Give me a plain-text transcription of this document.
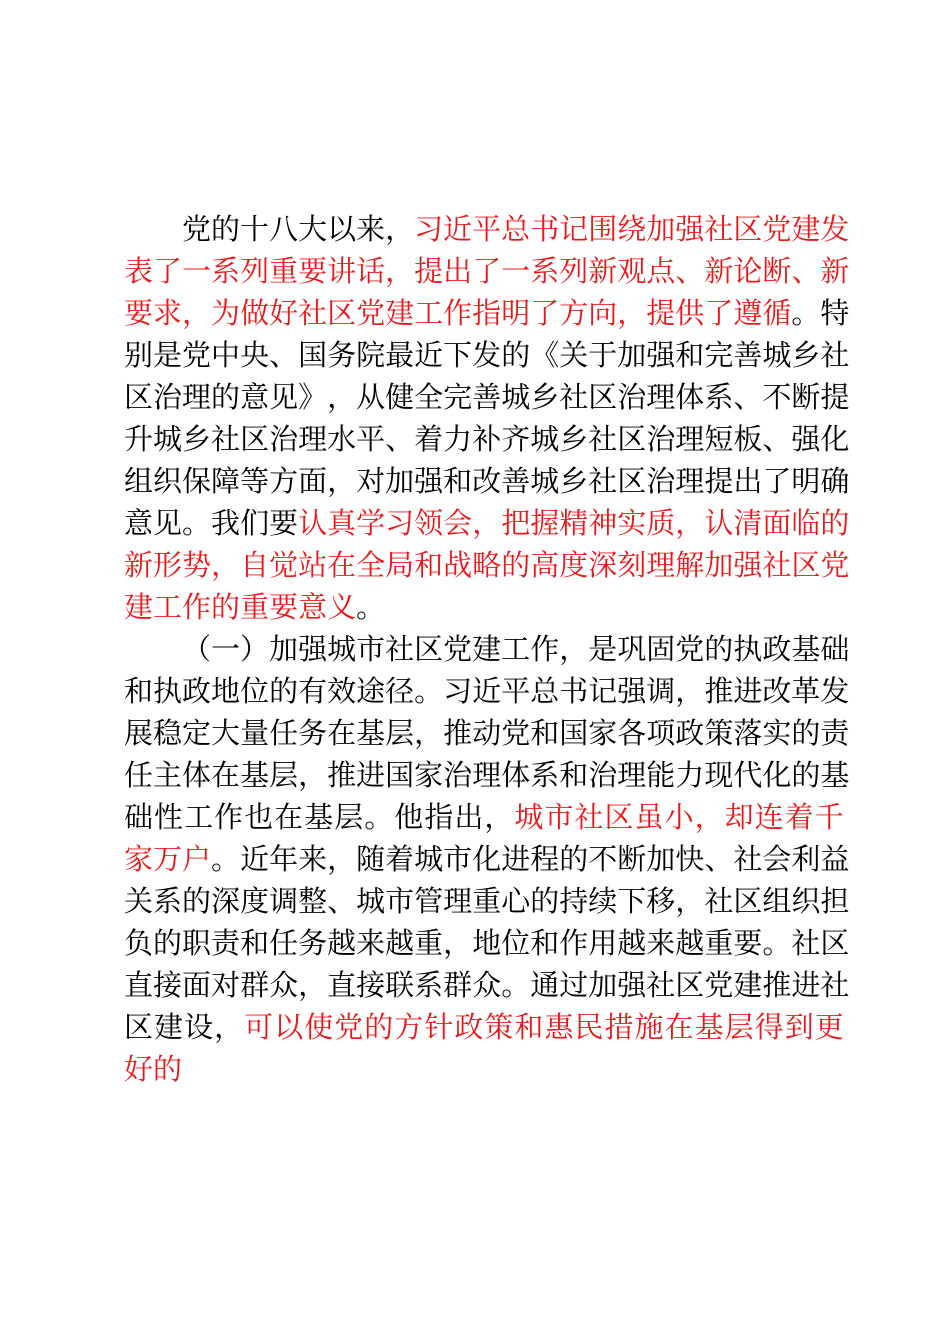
党 的 十 八 大 以 来 ， 习 近 平 总 书 记 围 绕 加 强 社 区 党 建 发
表 了 一 系 列 重 要 讲 话 ， 提 出 了 一 系 列 新 观 点 、 新 论 断 、 新
要 求 ， 为 做 好 社 区 党 建 工 作 指 明 了 方 向 ， 提 供 了 遵 循 。 特
别 是 党 中 央 、 国 务 院 最 近 下 发 的 《 关 于 加 强 和 完 善 城 乡 社
区 治 理 的 意 见 》 ， 从 健 全 完 善 城 乡 社 区 治 理 体 系 、 不 断 提
升 城 乡 社 区 治 理 水 平 、 着 力 补 齐 城 乡 社 区 治 理 短 板 、 强 化
组 织 保 障 等 方 面 ， 对 加 强 和 改 善 城 乡 社 区 治 理 提 出 了 明 确
意 见 。 我 们 要 认 真 学 习 领 会 ， 把 握 精 神 实 质 ， 认 清 面 临 的
新 形 势 ， 自 觉 站 在 全 局 和 战 略 的 高 度 深 刻 理 解 加 强 社 区 党
建 工 作 的 重 要 意 义 。
（ 一 ） 加 强 城 市 社 区 党 建 工 作 ， 是 巩 固 党 的 执 政 基 础
和 执 政 地 位 的 有 效 途 径 。 习 近 平 总 书 记 强 调 ， 推 进 改 革 发
展 稳 定 大 量 任 务 在 基 层 ， 推 动 党 和 国 家 各 项 政 策 落 实 的 责
任 主 体 在 基 层 ， 推 进 国 家 治 理 体 系 和 治 理 能 力 现 代 化 的 基
础 性 工 作 也 在 基 层 。 他 指 出 ， 城 市 社 区 虽 小 ， 却 连 着 千
家 万 户 。 近 年 来 ， 随 着 城 市 化 进 程 的 不 断 加 快 、 社 会 利 益
关 系 的 深 度 调 整 、 城 市 管 理 重 心 的 持 续 下 移 ， 社 区 组 织 担
负 的 职 责 和 任 务 越 来 越 重 ， 地 位 和 作 用 越 来 越 重 要 。 社 区
直 接 面 对 群 众 ， 直 接 联 系 群 众 。 通 过 加 强 社 区 党 建 推 进 社
区 建 设 ， 可 以 使 党 的 方 针 政 策 和 惠 民 措 施 在 基 层 得 到 更
好 的
